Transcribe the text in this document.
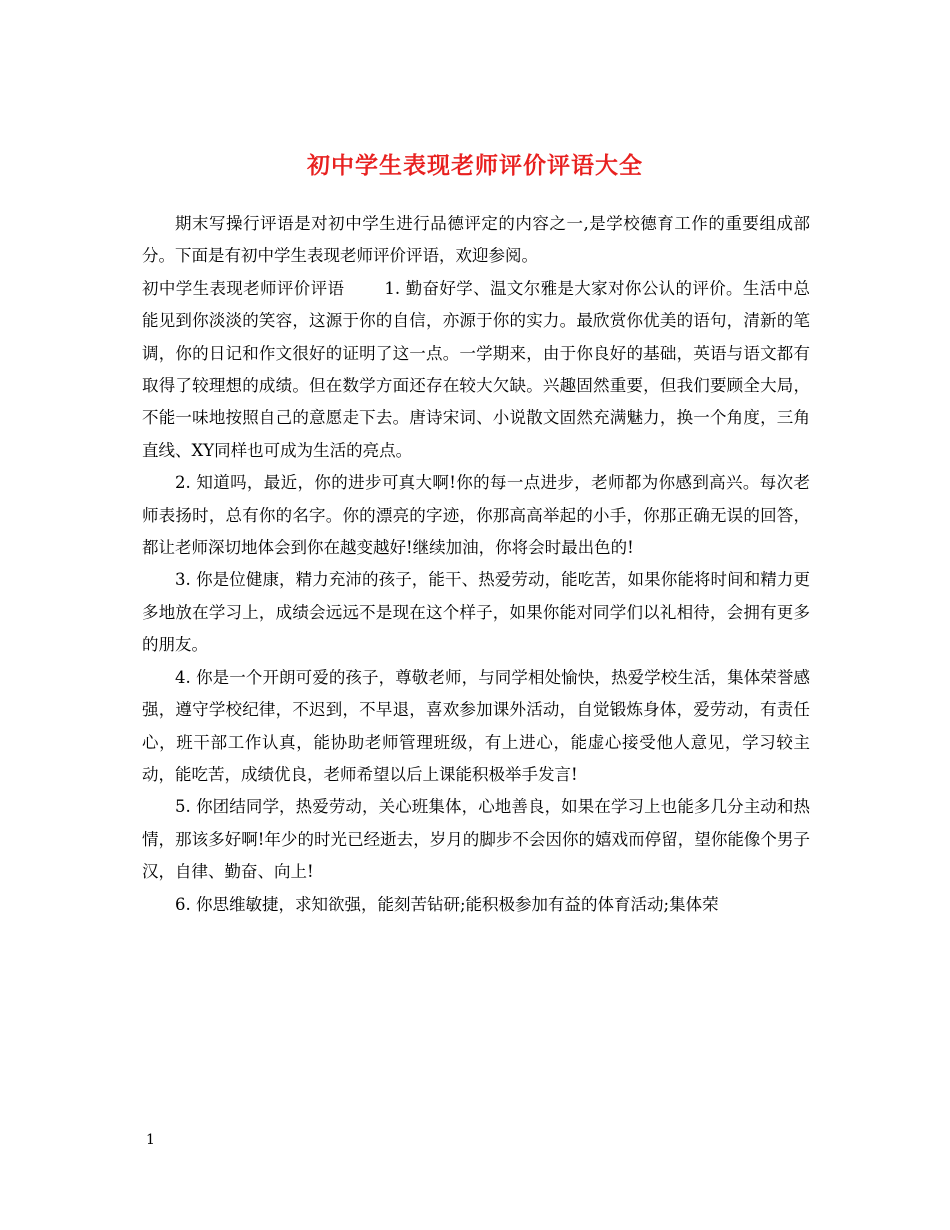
初中学生表现老师评价评语大全

期末写操行评语是对初中学生进行品德评定的内容之一,是学校德育工作的重要组成部分。下面是有初中学生表现老师评价评语，欢迎参阅。

初中学生表现老师评价评语 1. 勤奋好学、温文尔雅是大家对你公认的评价。生活中总能见到你淡淡的笑容，这源于你的自信，亦源于你的实力。最欣赏你优美的语句，清新的笔调，你的日记和作文很好的证明了这一点。一学期来，由于你良好的基础，英语与语文都有取得了较理想的成绩。但在数学方面还存在较大欠缺。兴趣固然重要，但我们要顾全大局，不能一味地按照自己的意愿走下去。唐诗宋词、小说散文固然充满魅力，换一个角度，三角直线、XY同样也可成为生活的亮点。

2. 知道吗，最近，你的进步可真大啊!你的每一点进步，老师都为你感到高兴。每次老师表扬时，总有你的名字。你的漂亮的字迹，你那高高举起的小手，你那正确无误的回答，都让老师深切地体会到你在越变越好!继续加油，你将会时最出色的!

3. 你是位健康，精力充沛的孩子，能干、热爱劳动，能吃苦，如果你能将时间和精力更多地放在学习上，成绩会远远不是现在这个样子，如果你能对同学们以礼相待，会拥有更多的朋友。

4. 你是一个开朗可爱的孩子，尊敬老师，与同学相处愉快，热爱学校生活，集体荣誉感强，遵守学校纪律，不迟到，不早退，喜欢参加课外活动，自觉锻炼身体，爱劳动，有责任心，班干部工作认真，能协助老师管理班级，有上进心，能虚心接受他人意见，学习较主动，能吃苦，成绩优良，老师希望以后上课能积极举手发言!

5. 你团结同学，热爱劳动，关心班集体，心地善良，如果在学习上也能多几分主动和热情，那该多好啊!年少的时光已经逝去，岁月的脚步不会因你的嬉戏而停留，望你能像个男子汉，自律、勤奋、向上!

6. 你思维敏捷，求知欲强，能刻苦钻研;能积极参加有益的体育活动;集体荣

1
